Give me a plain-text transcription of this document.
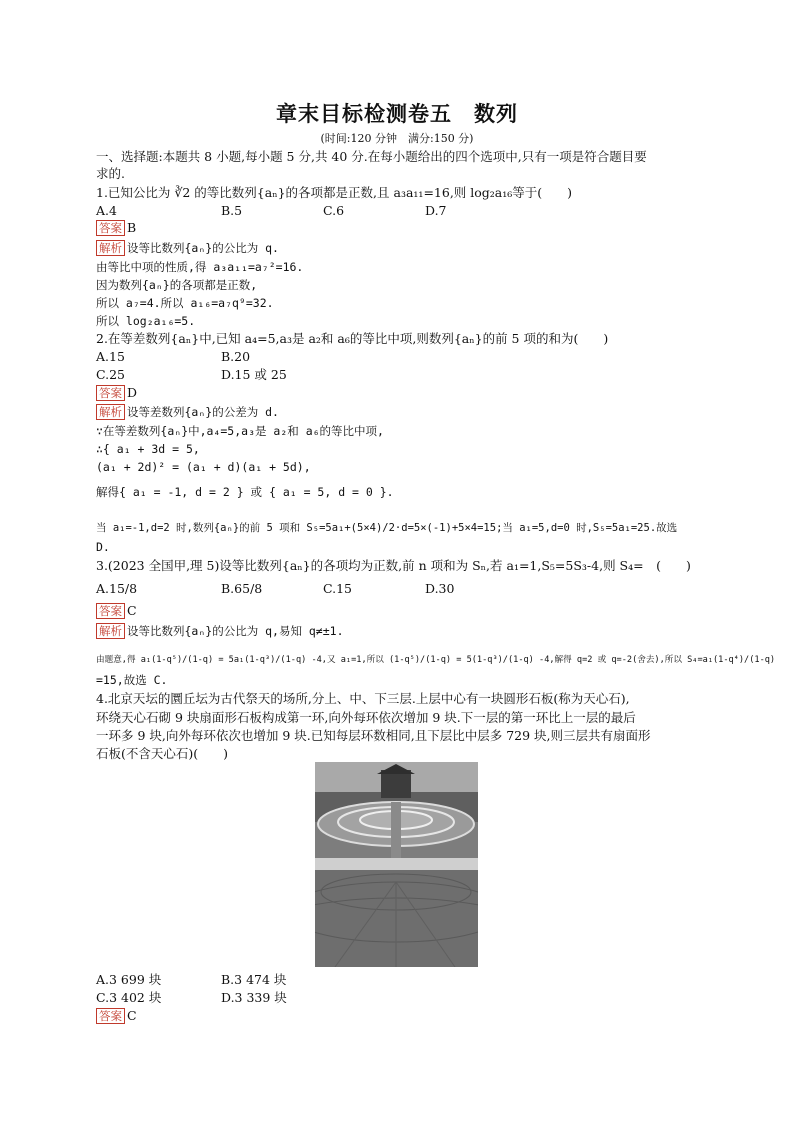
章末目标检测卷五　数列
(时间:120 分钟　满分:150 分)
一、选择题:本题共 8 小题,每小题 5 分,共 40 分.在每小题给出的四个选项中,只有一项是符合题目要
求的.
1.已知公比为 ∛2 的等比数列{aₙ}的各项都是正数,且 a₃a₁₁=16,则 log₂a₁₆等于(　　)
A.4	B.5	C.6	D.7
答案 B
解析 设等比数列{aₙ}的公比为 q.
由等比中项的性质,得 a₃a₁₁=a₇²=16.
因为数列{aₙ}的各项都是正数,
所以 a₇=4.所以 a₁₆=a₇q⁹=32.
所以 log₂a₁₆=5.
2.在等差数列{aₙ}中,已知 a₄=5,a₃是 a₂和 a₆的等比中项,则数列{aₙ}的前 5 项的和为(　　)
A.15	B.20
C.25	D.15 或 25
答案 D
解析 设等差数列{aₙ}的公差为 d.
∵在等差数列{aₙ}中,a₄=5,a₃是 a₂和 a₆的等比中项,
∴{ a₁ + 3d = 5,
(a₁ + 2d)² = (a₁ + d)(a₁ + 5d),
解得{ a₁ = -1, d = 2 } 或 { a₁ = 5, d = 0 }.
当 a₁=-1,d=2 时,数列{aₙ}的前 5 项和 S₅=5a₁+(5×4)/2·d=5×(-1)+5×4=15;当 a₁=5,d=0 时,S₅=5a₁=25.故选
D.
3.(2023 全国甲,理 5)设等比数列{aₙ}的各项均为正数,前 n 项和为 Sₙ,若 a₁=1,S₅=5S₃-4,则 S₄=　(　　)
A.15/8	B.65/8	C.15	D.30
答案 C
解析 设等比数列{aₙ}的公比为 q,易知 q≠±1.
由题意,得 a₁(1-q⁵)/(1-q) = 5a₁(1-q³)/(1-q) -4,又 a₁=1,所以 (1-q⁵)/(1-q) = 5(1-q³)/(1-q) -4,解得 q=2 或 q=-2(舍去),所以 S₄=a₁(1-q⁴)/(1-q)
=15,故选 C.
4.北京天坛的圜丘坛为古代祭天的场所,分上、中、下三层.上层中心有一块圆形石板(称为天心石),
环绕天心石砌 9 块扇面形石板构成第一环,向外每环依次增加 9 块.下一层的第一环比上一层的最后
一环多 9 块,向外每环依次也增加 9 块.已知每层环数相同,且下层比中层多 729 块,则三层共有扇面形
石板(不含天心石)(　　)
A.3 699 块	B.3 474 块
C.3 402 块	D.3 339 块
答案 C
